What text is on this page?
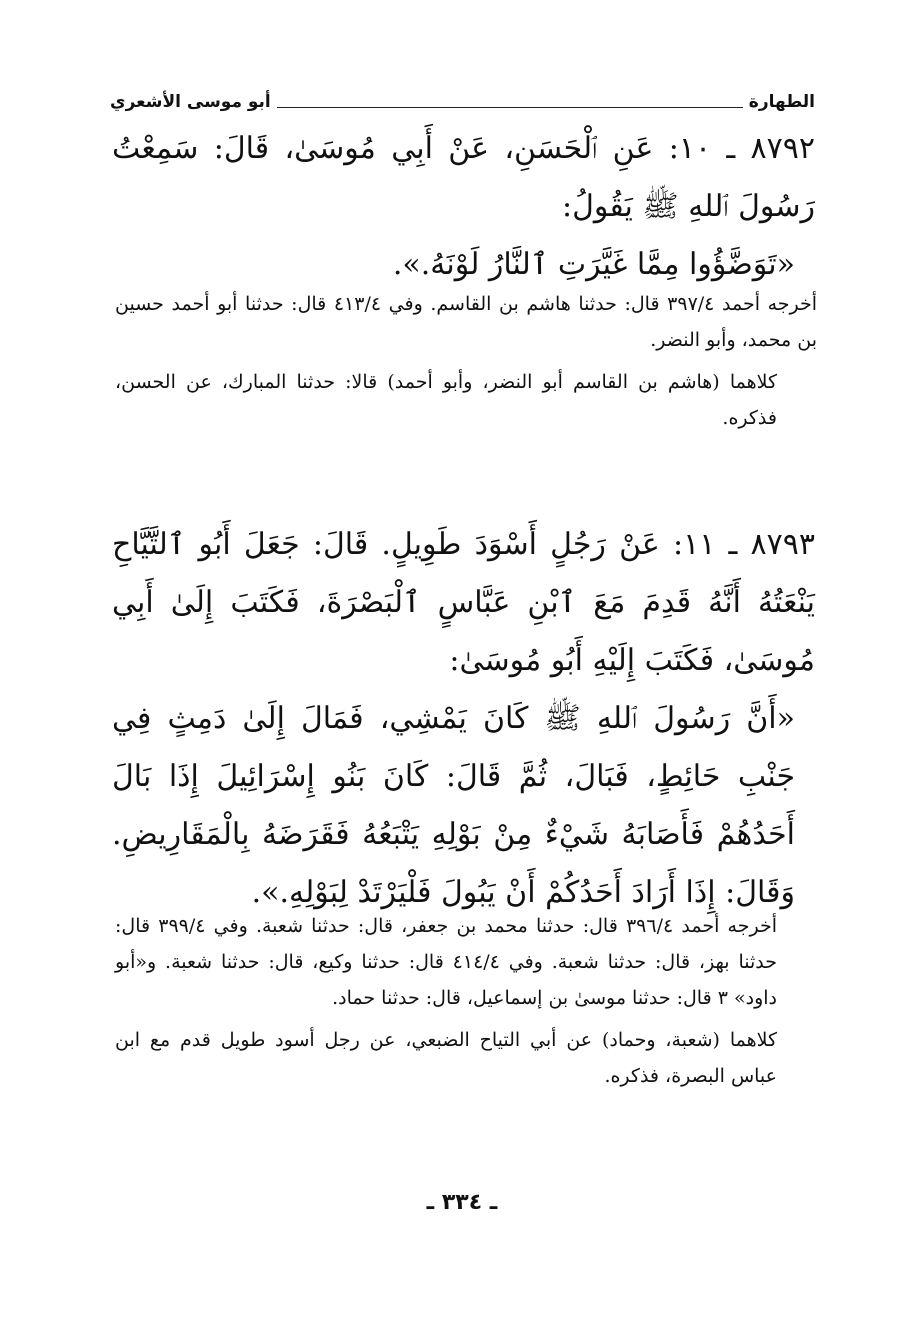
الطهارة
أبو موسى الأشعري

٨٧٩٢ ـ ١٠: عَنِ ٱلْحَسَنِ، عَنْ أَبِي مُوسَىٰ، قَالَ: سَمِعْتُ رَسُولَ ٱللهِ ﷺ يَقُولُ:

«تَوَضَّؤُوا مِمَّا غَيَّرَتِ ٱلنَّارُ لَوْنَهُ.».

أخرجه أحمد ٣٩٧/٤ قال: حدثنا هاشم بن القاسم. وفي ٤١٣/٤ قال: حدثنا أبو أحمد حسين بن محمد، وأبو النضر.

كلاهما (هاشم بن القاسم أبو النضر، وأبو أحمد) قالا: حدثنا المبارك، عن الحسن، فذكره.

٨٧٩٣ ـ ١١: عَنْ رَجُلٍ أَسْوَدَ طَوِيلٍ. قَالَ: جَعَلَ أَبُو ٱلتَّيَّاحِ يَنْعَتُهُ أَنَّهُ قَدِمَ مَعَ ٱبْنِ عَبَّاسٍ ٱلْبَصْرَةَ، فَكَتَبَ إِلَىٰ أَبِي مُوسَىٰ، فَكَتَبَ إِلَيْهِ أَبُو مُوسَىٰ:

«أَنَّ رَسُولَ ٱللهِ ﷺ كَانَ يَمْشِي، فَمَالَ إِلَىٰ دَمِثٍ فِي جَنْبِ حَائِطٍ، فَبَالَ، ثُمَّ قَالَ: كَانَ بَنُو إِسْرَائِيلَ إِذَا بَالَ أَحَدُهُمْ فَأَصَابَهُ شَيْءٌ مِنْ بَوْلِهِ يَتْبَعُهُ فَقَرَضَهُ بِالْمَقَارِيضِ. وَقَالَ: إِذَا أَرَادَ أَحَدُكُمْ أَنْ يَبُولَ فَلْيَرْتَدْ لِبَوْلِهِ.».

أخرجه أحمد ٣٩٦/٤ قال: حدثنا محمد بن جعفر، قال: حدثنا شعبة. وفي ٣٩٩/٤ قال: حدثنا بهز، قال: حدثنا شعبة. وفي ٤١٤/٤ قال: حدثنا وكيع، قال: حدثنا شعبة. و«أبو داود» ٣ قال: حدثنا موسىٰ بن إسماعيل، قال: حدثنا حماد.

كلاهما (شعبة، وحماد) عن أبي التياح الضبعي، عن رجل أسود طويل قدم مع ابن عباس البصرة، فذكره.

ـ ٣٣٤ ـ
